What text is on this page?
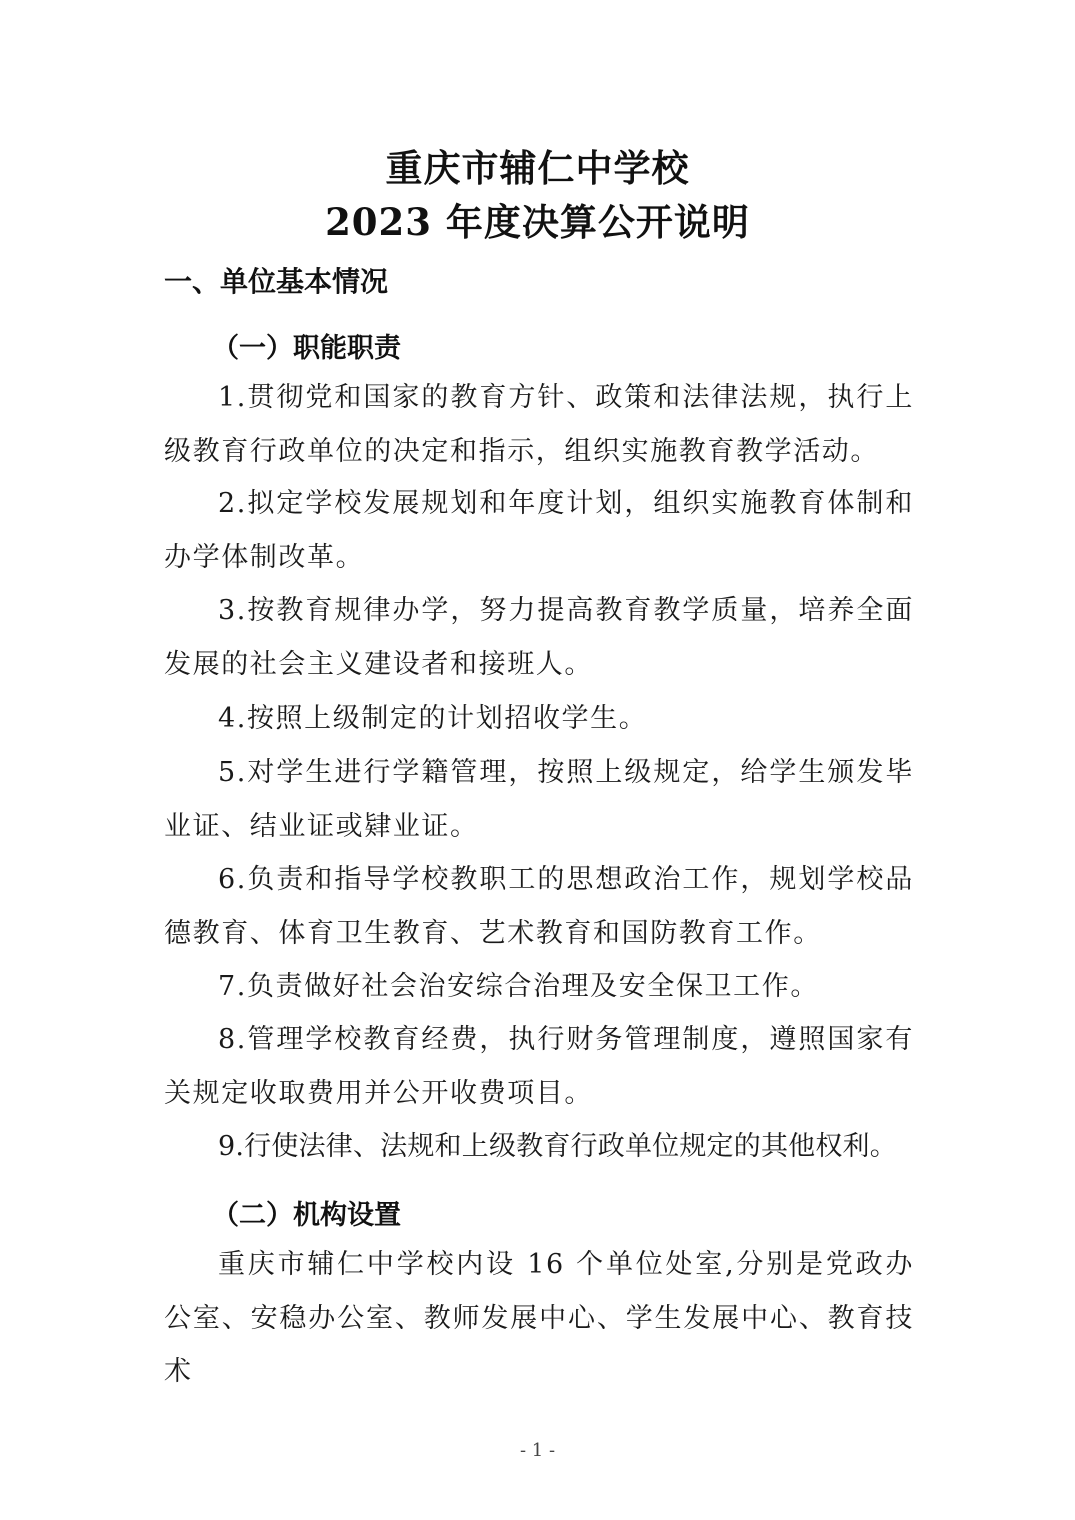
重庆市辅仁中学校
2023 年度决算公开说明
一、单位基本情况
（一）职能职责
1.贯彻党和国家的教育方针、政策和法律法规，执行上级教育行政单位的决定和指示，组织实施教育教学活动。
2.拟定学校发展规划和年度计划，组织实施教育体制和办学体制改革。
3.按教育规律办学，努力提高教育教学质量，培养全面发展的社会主义建设者和接班人。
4.按照上级制定的计划招收学生。
5.对学生进行学籍管理，按照上级规定，给学生颁发毕业证、结业证或肄业证。
6.负责和指导学校教职工的思想政治工作，规划学校品德教育、体育卫生教育、艺术教育和国防教育工作。
7.负责做好社会治安综合治理及安全保卫工作。
8.管理学校教育经费，执行财务管理制度，遵照国家有关规定收取费用并公开收费项目。
9.行使法律、法规和上级教育行政单位规定的其他权利。
（二）机构设置
重庆市辅仁中学校内设 16 个单位处室,分别是党政办公室、安稳办公室、教师发展中心、学生发展中心、教育技术
- 1 -
